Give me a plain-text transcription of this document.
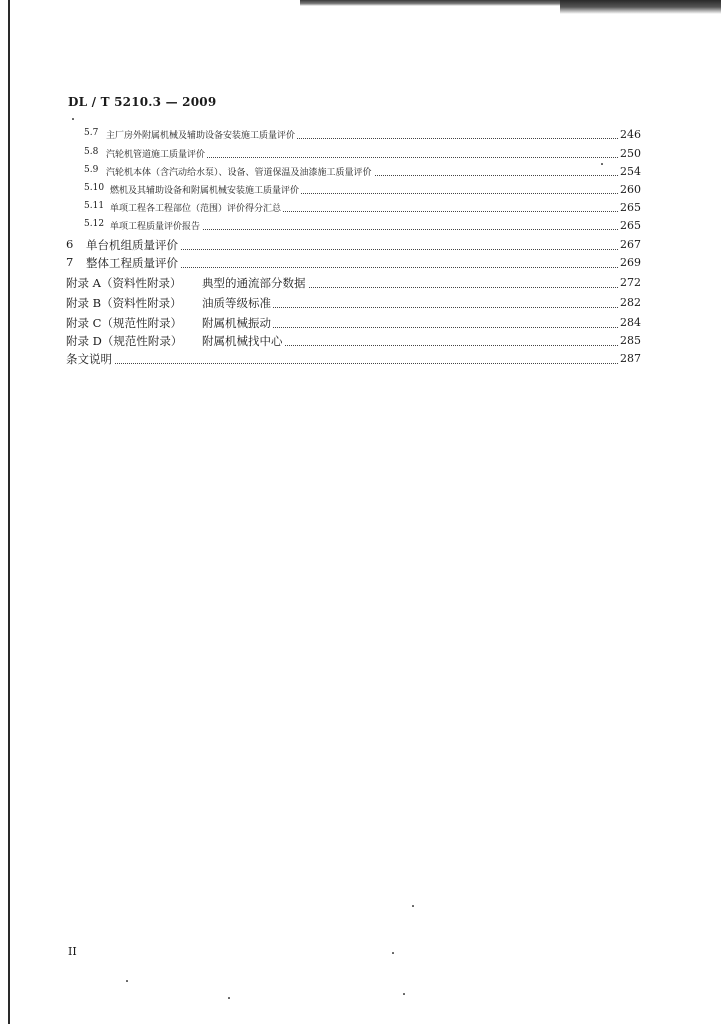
DL / T 5210.3 — 2009
5.7 主厂房外附属机械及辅助设备安装施工质量评价	246
5.8 汽轮机管道施工质量评价	250
5.9 汽轮机本体（含汽动给水泵）、设备、管道保温及油漆施工质量评价	254
5.10 燃机及其辅助设备和附属机械安装施工质量评价	260
5.11 单项工程各工程部位（范围）评价得分汇总	265
5.12 单项工程质量评价报告	265
6 单台机组质量评价	267
7 整体工程质量评价	269
附录 A（资料性附录） 典型的通流部分数据	272
附录 B（资料性附录） 油质等级标准	282
附录 C（规范性附录） 附属机械振动	284
附录 D（规范性附录） 附属机械找中心	285
条文说明	287
II
